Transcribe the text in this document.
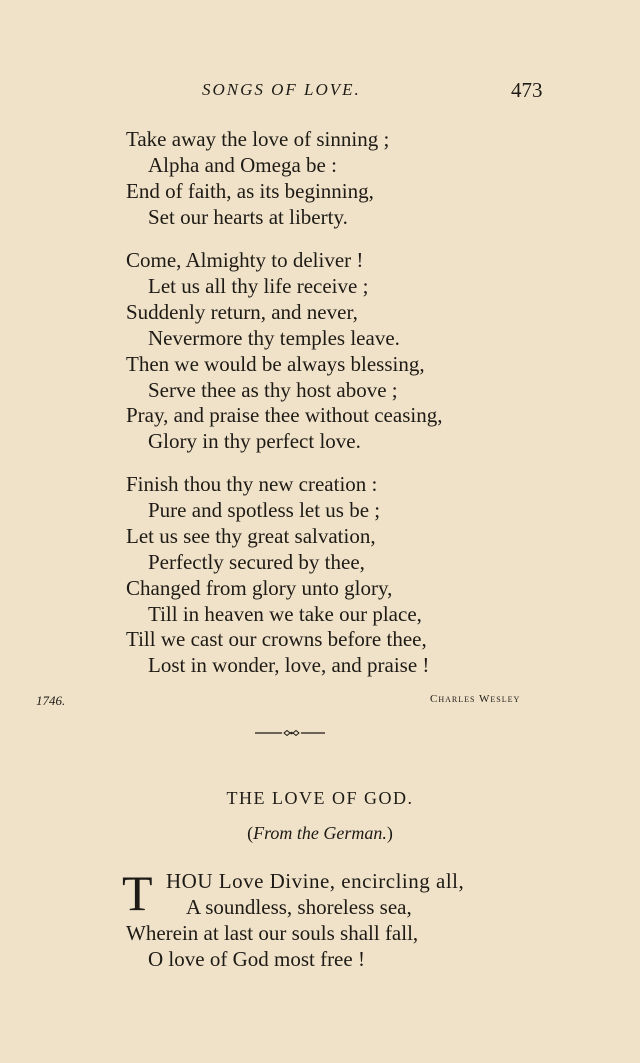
SONGS OF LOVE.	473
Take away the love of sinning ;
Alpha and Omega be :
End of faith, as its beginning,
Set our hearts at liberty.
Come, Almighty to deliver !
Let us all thy life receive ;
Suddenly return, and never,
Nevermore thy temples leave.
Then we would be always blessing,
Serve thee as thy host above ;
Pray, and praise thee without ceasing,
Glory in thy perfect love.
Finish thou thy new creation :
Pure and spotless let us be ;
Let us see thy great salvation,
Perfectly secured by thee,
Changed from glory unto glory,
Till in heaven we take our place,
Till we cast our crowns before thee,
Lost in wonder, love, and praise !
1746.	Charles Wesley
THE LOVE OF GOD.
(From the German.)
T HOU Love Divine, encircling all,
A soundless, shoreless sea,
Wherein at last our souls shall fall,
O love of God most free !
